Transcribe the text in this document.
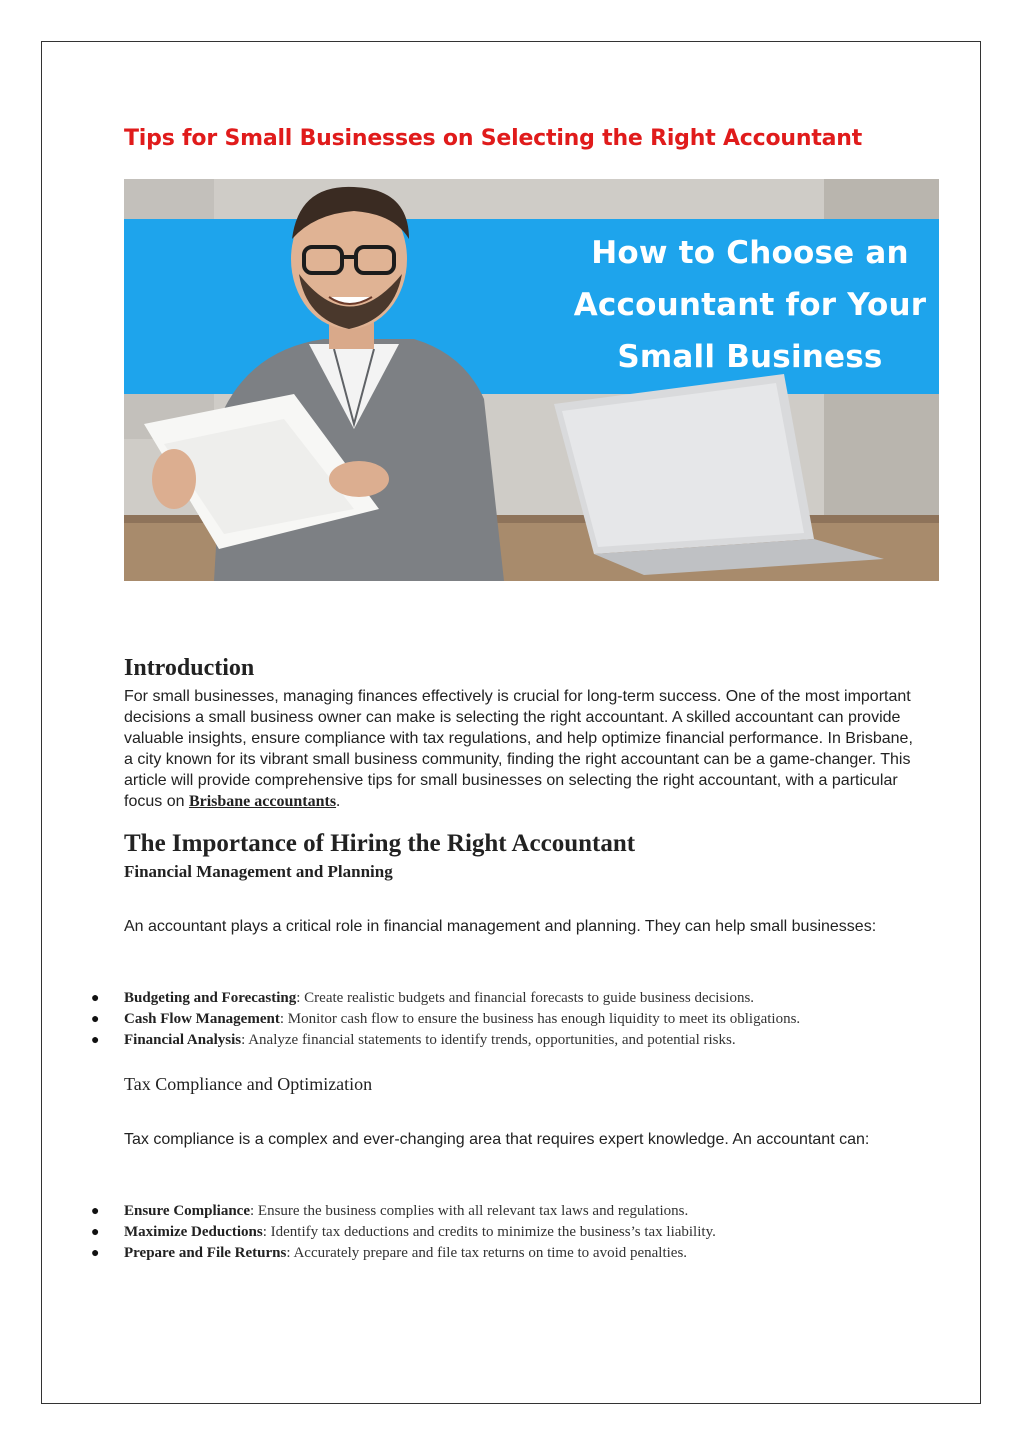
Tips for Small Businesses on Selecting the Right Accountant
How to Choose an
Accountant for Your
Small Business
Introduction

For small businesses, managing finances effectively is crucial for long-term success. One of the most important decisions a small business owner can make is selecting the right accountant. A skilled accountant can provide valuable insights, ensure compliance with tax regulations, and help optimize financial performance. In Brisbane, a city known for its vibrant small business community, finding the right accountant can be a game-changer. This article will provide comprehensive tips for small businesses on selecting the right accountant, with a particular focus on Brisbane accountants.

The Importance of Hiring the Right Accountant
Financial Management and Planning

An accountant plays a critical role in financial management and planning. They can help small businesses:

● Budgeting and Forecasting: Create realistic budgets and financial forecasts to guide business decisions.
● Cash Flow Management: Monitor cash flow to ensure the business has enough liquidity to meet its obligations.
● Financial Analysis: Analyze financial statements to identify trends, opportunities, and potential risks.
Tax Compliance and Optimization

Tax compliance is a complex and ever-changing area that requires expert knowledge. An accountant can:

● Ensure Compliance: Ensure the business complies with all relevant tax laws and regulations.
● Maximize Deductions: Identify tax deductions and credits to minimize the business’s tax liability.
● Prepare and File Returns: Accurately prepare and file tax returns on time to avoid penalties.
